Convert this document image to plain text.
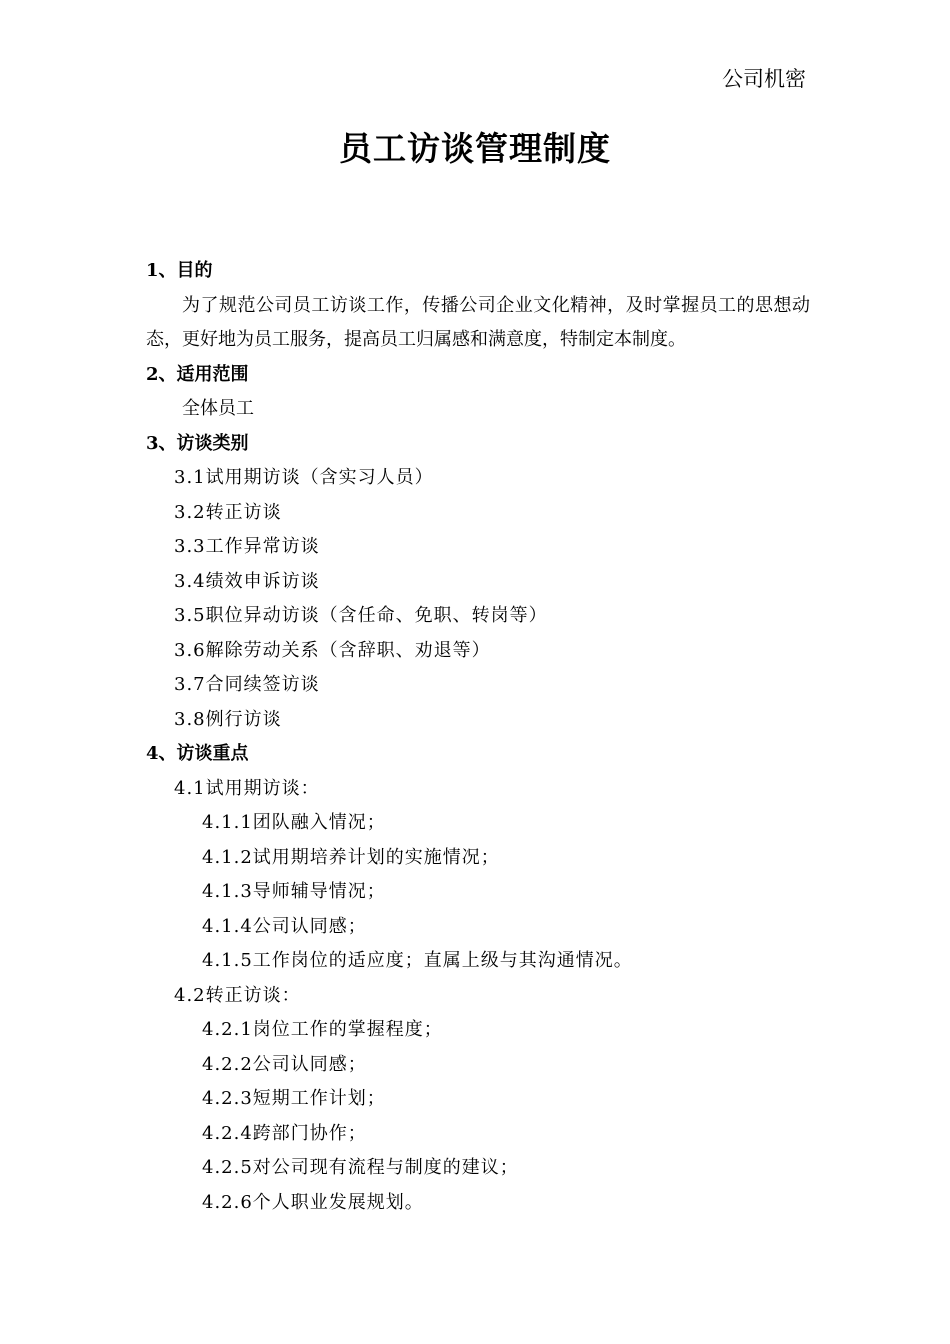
公司机密
员工访谈管理制度
1、目的

为了规范公司员工访谈工作，传播公司企业文化精神，及时掌握员工的思想动态，更好地为员工服务，提高员工归属感和满意度，特制定本制度。

2、适用范围
全体员工
3、访谈类别
3.1试用期访谈（含实习人员）
3.2转正访谈
3.3工作异常访谈
3.4绩效申诉访谈
3.5职位异动访谈（含任命、免职、转岗等）
3.6解除劳动关系（含辞职、劝退等）
3.7合同续签访谈
3.8例行访谈
4、访谈重点
4.1试用期访谈：
4.1.1团队融入情况；
4.1.2试用期培养计划的实施情况；
4.1.3导师辅导情况；
4.1.4公司认同感；
4.1.5工作岗位的适应度；直属上级与其沟通情况。
4.2转正访谈：
4.2.1岗位工作的掌握程度；
4.2.2公司认同感；
4.2.3短期工作计划；
4.2.4跨部门协作；
4.2.5对公司现有流程与制度的建议；
4.2.6个人职业发展规划。
